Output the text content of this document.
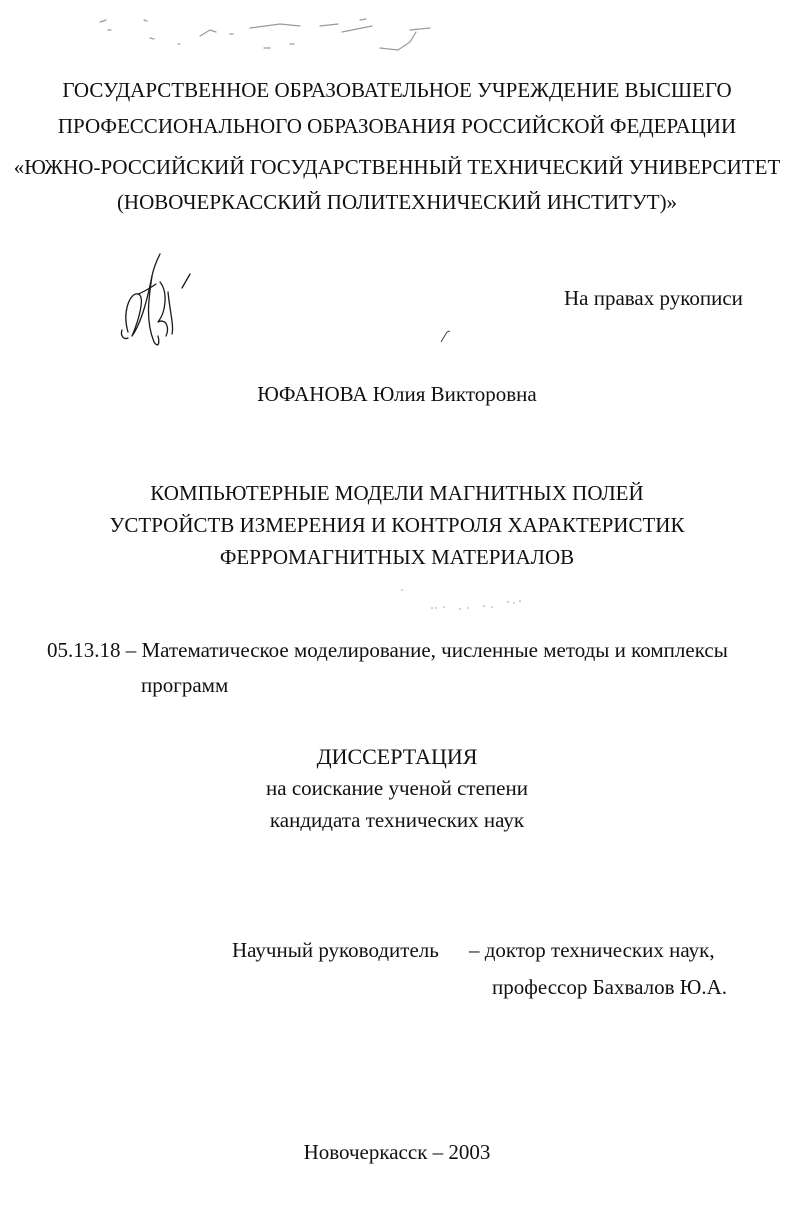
ГОСУДАРСТВЕННОЕ ОБРАЗОВАТЕЛЬНОЕ УЧРЕЖДЕНИЕ ВЫСШЕГО
ПРОФЕССИОНАЛЬНОГО ОБРАЗОВАНИЯ РОССИЙСКОЙ ФЕДЕРАЦИИ
«ЮЖНО-РОССИЙСКИЙ ГОСУДАРСТВЕННЫЙ ТЕХНИЧЕСКИЙ УНИВЕРСИТЕТ
(НОВОЧЕРКАССКИЙ ПОЛИТЕХНИЧЕСКИЙ ИНСТИТУТ)»
На правах рукописи
ЮФАНОВА Юлия Викторовна
КОМПЬЮТЕРНЫЕ МОДЕЛИ МАГНИТНЫХ ПОЛЕЙ
УСТРОЙСТВ ИЗМЕРЕНИЯ И КОНТРОЛЯ ХАРАКТЕРИСТИК
ФЕРРОМАГНИТНЫХ МАТЕРИАЛОВ
05.13.18 – Математическое моделирование, численные методы и комплексы
программ
ДИССЕРТАЦИЯ
на соискание ученой степени
кандидата технических наук
Научный руководитель – доктор технических наук,
профессор Бахвалов Ю.А.
Новочеркасск – 2003
